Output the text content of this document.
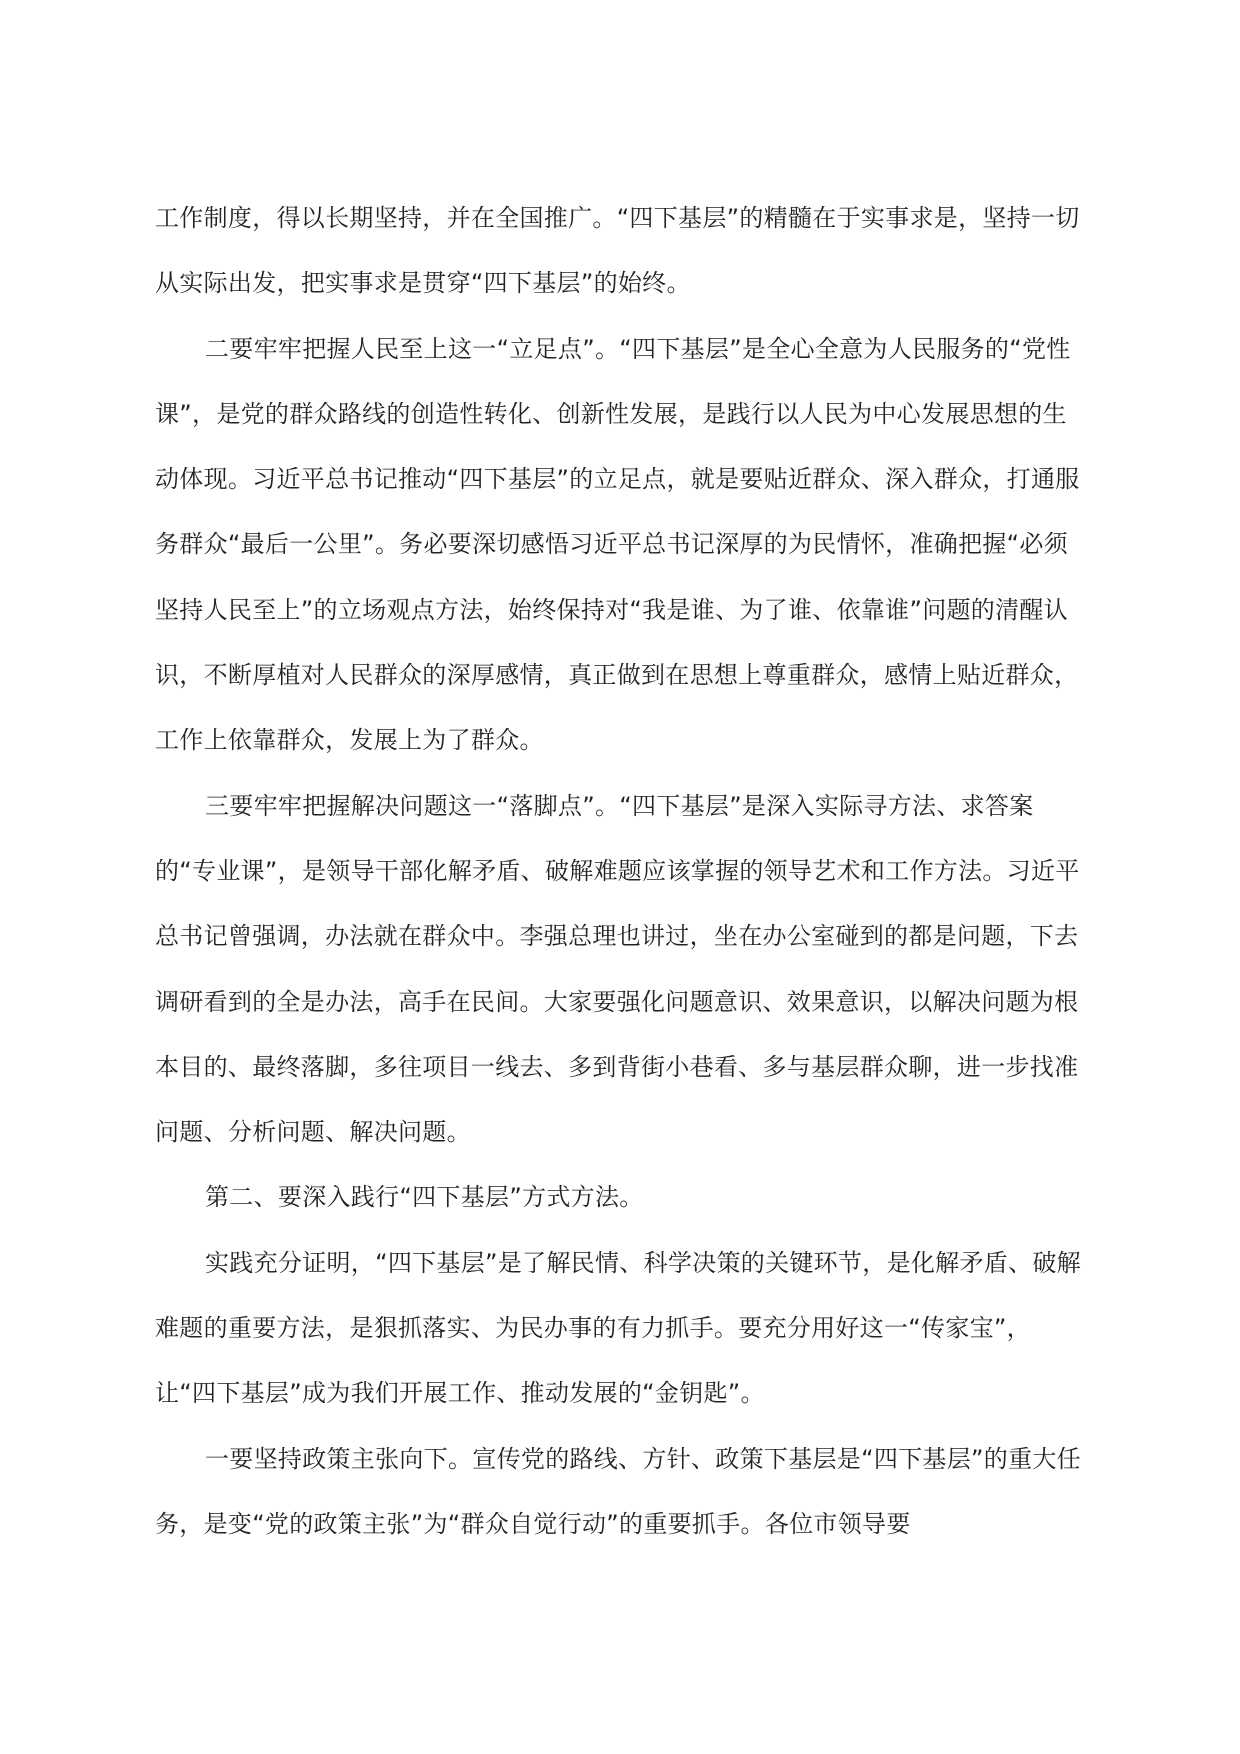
工作制度，得以长期坚持，并在全国推广。“四下基层”的精髓在于实事求是，坚持一切从实际出发，把实事求是贯穿“四下基层”的始终。

二要牢牢把握人民至上这一“立足点”。“四下基层”是全心全意为人民服务的“党性课”，是党的群众路线的创造性转化、创新性发展，是践行以人民为中心发展思想的生动体现。习近平总书记推动“四下基层”的立足点，就是要贴近群众、深入群众，打通服务群众“最后一公里”。务必要深切感悟习近平总书记深厚的为民情怀，准确把握“必须坚持人民至上”的立场观点方法，始终保持对“我是谁、为了谁、依靠谁”问题的清醒认识，不断厚植对人民群众的深厚感情，真正做到在思想上尊重群众，感情上贴近群众，工作上依靠群众，发展上为了群众。

三要牢牢把握解决问题这一“落脚点”。“四下基层”是深入实际寻方法、求答案的“专业课”，是领导干部化解矛盾、破解难题应该掌握的领导艺术和工作方法。习近平总书记曾强调，办法就在群众中。李强总理也讲过，坐在办公室碰到的都是问题，下去调研看到的全是办法，高手在民间。大家要强化问题意识、效果意识，以解决问题为根本目的、最终落脚，多往项目一线去、多到背街小巷看、多与基层群众聊，进一步找准问题、分析问题、解决问题。

第二、要深入践行“四下基层”方式方法。

实践充分证明，“四下基层”是了解民情、科学决策的关键环节，是化解矛盾、破解难题的重要方法，是狠抓落实、为民办事的有力抓手。要充分用好这一“传家宝”，让“四下基层”成为我们开展工作、推动发展的“金钥匙”。

一要坚持政策主张向下。宣传党的路线、方针、政策下基层是“四下基层”的重大任务，是变“党的政策主张”为“群众自觉行动”的重要抓手。各位市领导要
